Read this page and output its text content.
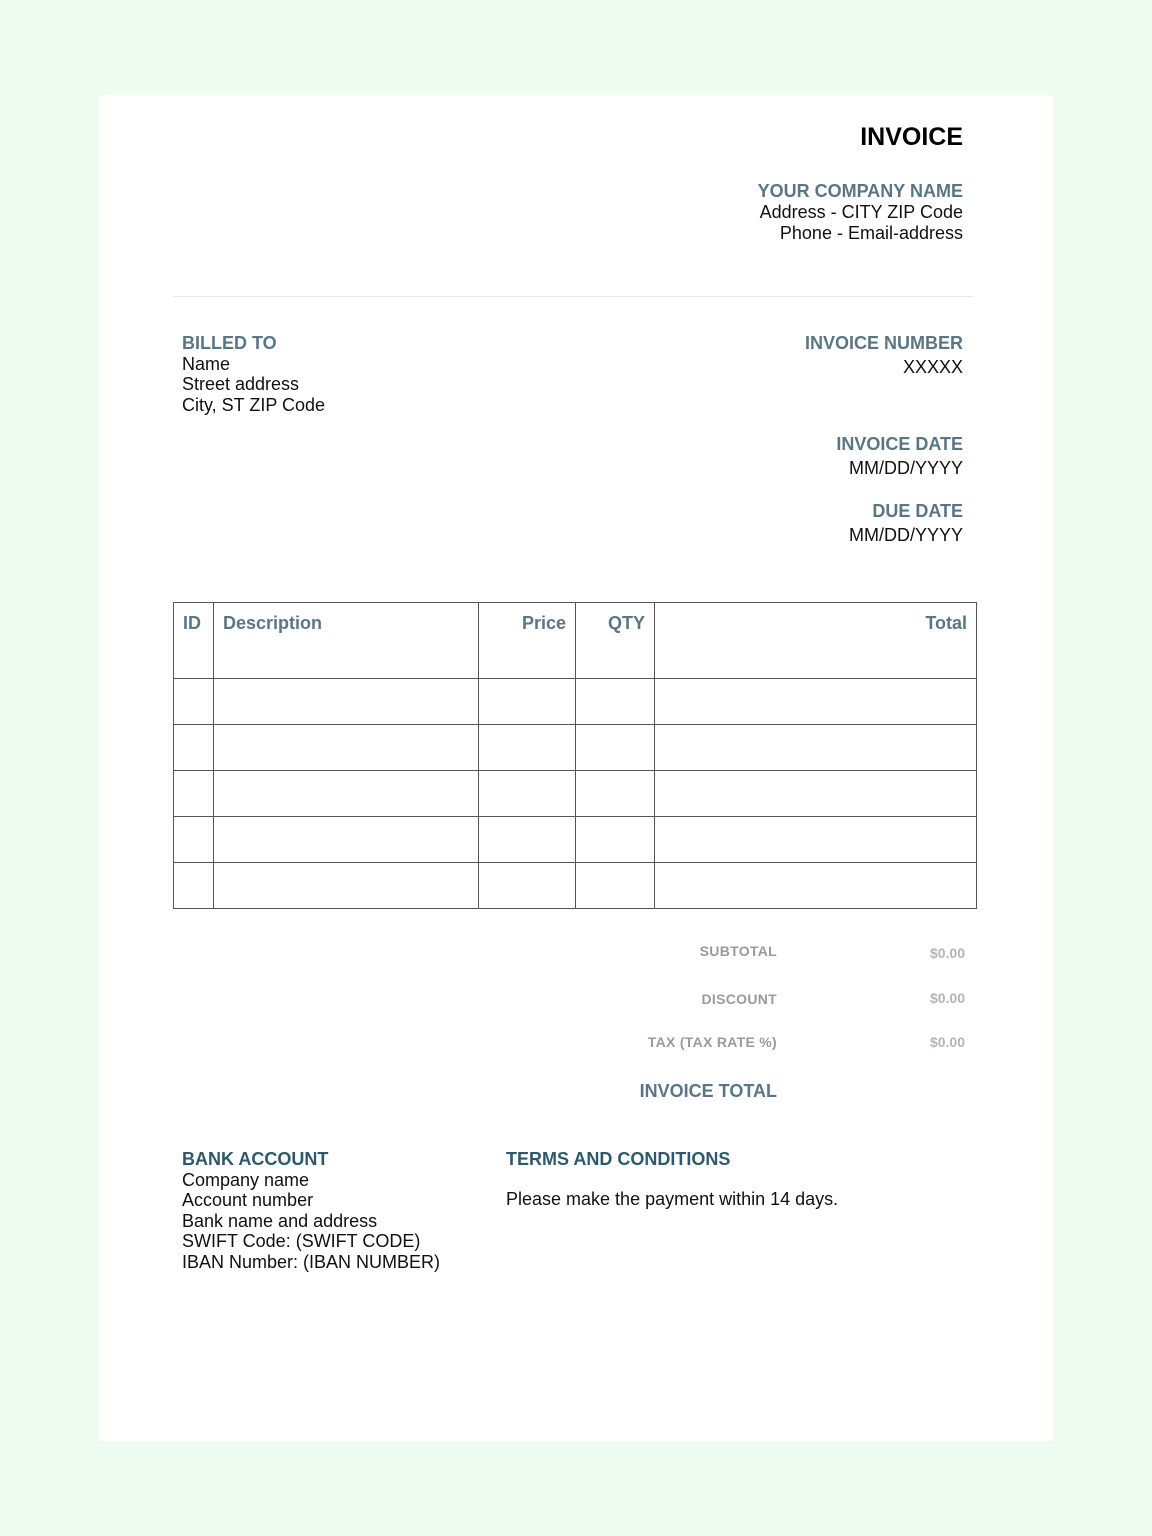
INVOICE
YOUR COMPANY NAME
Address - CITY ZIP Code
Phone - Email-address
BILLED TO
Name
Street address
City, ST ZIP Code
INVOICE NUMBER
XXXXX
INVOICE DATE
MM/DD/YYYY
DUE DATE
MM/DD/YYYY
ID	Description	Price	QTY	Total

SUBTOTAL	$0.00
DISCOUNT	$0.00
TAX (TAX RATE %)	$0.00
INVOICE TOTAL
BANK ACCOUNT
Company name
Account number
Bank name and address
SWIFT Code: (SWIFT CODE)
IBAN Number: (IBAN NUMBER)
TERMS AND CONDITIONS
Please make the payment within 14 days.
